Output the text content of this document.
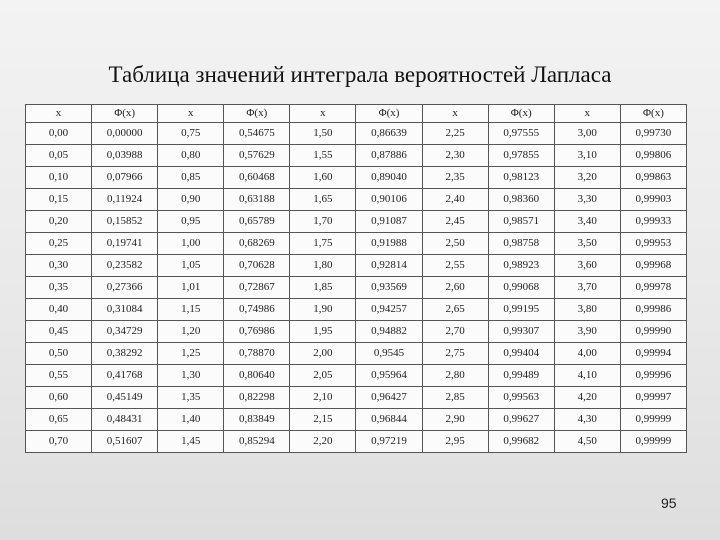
Таблица значений интеграла вероятностей Лапласа
x	Φ(x)	x	Φ(x)	x	Φ(x)	x	Φ(x)	x	Φ(x)
0,00	0,00000	0,75	0,54675	1,50	0,86639	2,25	0,97555	3,00	0,99730
0,05	0,03988	0,80	0,57629	1,55	0,87886	2,30	0,97855	3,10	0,99806
0,10	0,07966	0,85	0,60468	1,60	0,89040	2,35	0,98123	3,20	0,99863
0,15	0,11924	0,90	0,63188	1,65	0,90106	2,40	0,98360	3,30	0,99903
0,20	0,15852	0,95	0,65789	1,70	0,91087	2,45	0,98571	3,40	0,99933
0,25	0,19741	1,00	0,68269	1,75	0,91988	2,50	0,98758	3,50	0,99953
0,30	0,23582	1,05	0,70628	1,80	0,92814	2,55	0,98923	3,60	0,99968
0,35	0,27366	1,01	0,72867	1,85	0,93569	2,60	0,99068	3,70	0,99978
0,40	0,31084	1,15	0,74986	1,90	0,94257	2,65	0,99195	3,80	0,99986
0,45	0,34729	1,20	0,76986	1,95	0,94882	2,70	0,99307	3,90	0,99990
0,50	0,38292	1,25	0,78870	2,00	0,9545	2,75	0,99404	4,00	0,99994
0,55	0,41768	1,30	0,80640	2,05	0,95964	2,80	0,99489	4,10	0,99996
0,60	0,45149	1,35	0,82298	2,10	0,96427	2,85	0,99563	4,20	0,99997
0,65	0,48431	1,40	0,83849	2,15	0,96844	2,90	0,99627	4,30	0,99999
0,70	0,51607	1,45	0,85294	2,20	0,97219	2,95	0,99682	4,50	0,99999
95
